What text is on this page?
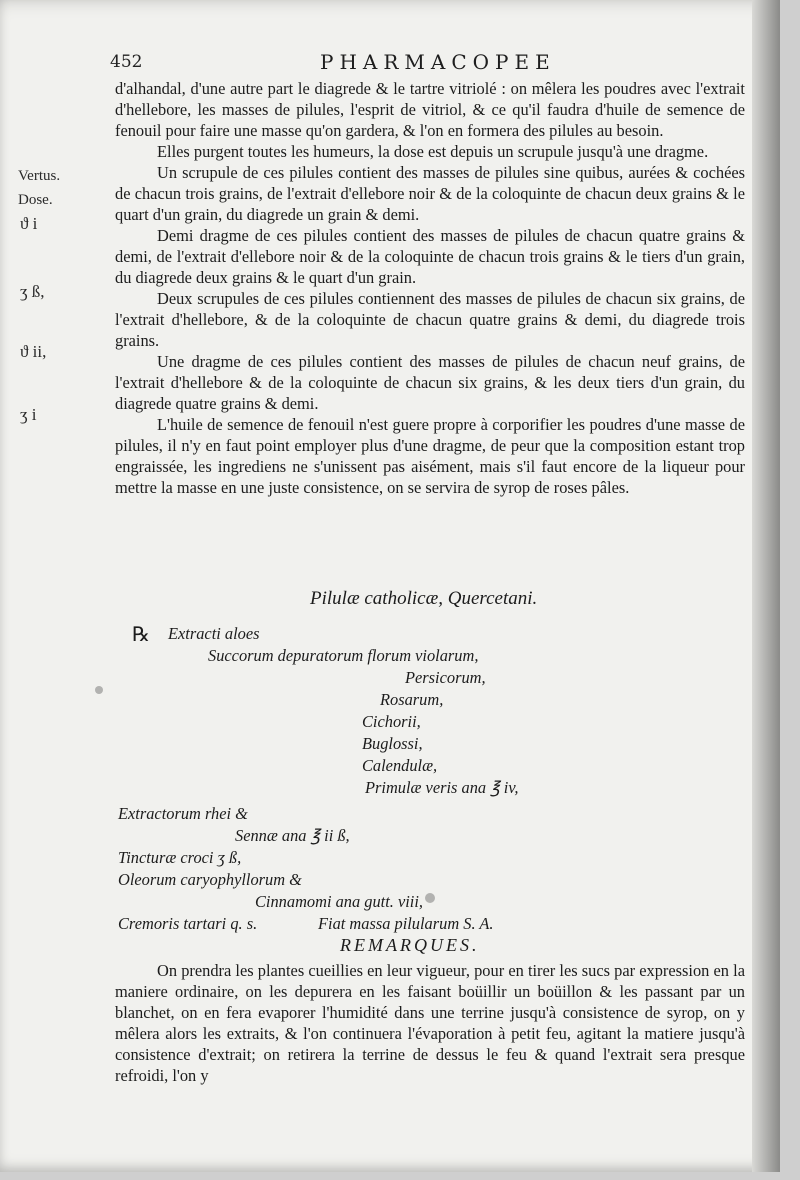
452	PHARMACOPEE
Vertus.
Dose.
ϑ i
ʒ ß,
ϑ ii,
ʒ i

d'alhandal, d'une autre part le diagrede & le tartre vitriolé : on mêlera les poudres avec l'extrait d'hellebore, les masses de pilules, l'esprit de vitriol, & ce qu'il faudra d'huile de semence de fenouil pour faire une masse qu'on gardera, & l'on en formera des pilules au besoin.

Elles purgent toutes les humeurs, la dose est depuis un scrupule jusqu'à une dragme.

Un scrupule de ces pilules contient des masses de pilules sine quibus, aurées & cochées de chacun trois grains, de l'extrait d'ellebore noir & de la coloquinte de chacun deux grains & le quart d'un grain, du diagrede un grain & demi.

Demi dragme de ces pilules contient des masses de pilules de chacun quatre grains & demi, de l'extrait d'ellebore noir & de la coloquinte de chacun trois grains & le tiers d'un grain, du diagrede deux grains & le quart d'un grain.

Deux scrupules de ces pilules contiennent des masses de pilules de chacun six grains, de l'extrait d'hellebore, & de la coloquinte de chacun quatre grains & demi, du diagrede trois grains.

Une dragme de ces pilules contient des masses de pilules de chacun neuf grains, de l'extrait d'hellebore & de la coloquinte de chacun six grains, & les deux tiers d'un grain, du diagrede quatre grains & demi.

L'huile de semence de fenouil n'est guere propre à corporifier les poudres d'une masse de pilules, il n'y en faut point employer plus d'une dragme, de peur que la composition estant trop engraissée, les ingrediens ne s'unissent pas aisément, mais s'il faut encore de la liqueur pour mettre la masse en une juste consistence, on se servira de syrop de roses pâles.

Pilulæ catholicæ, Quercetani.
℞ Extracti aloes
Succorum depuratorum florum violarum,
Persicorum,
Rosarum,
Cichorii,
Buglossi,
Calendulæ,
Primulæ veris ana ℥ iv,
Extractorum rhei &
Sennæ ana ℥ ii ß,
Tincturæ croci ʒ ß,
Oleorum caryophyllorum &
Cinnamomi ana gutt. viii,
Cremoris tartari q. s.	Fiat massa pilularum S. A.
REMARQUES.

On prendra les plantes cueillies en leur vigueur, pour en tirer les sucs par expression en la maniere ordinaire, on les depurera en les faisant boüillir un boüillon & les passant par un blanchet, on en fera evaporer l'humidité dans une terrine jusqu'à consistence de syrop, on y mêlera alors les extraits, & l'on continuera l'évaporation à petit feu, agitant la matiere jusqu'à consistence d'extrait; on retirera la terrine de dessus le feu & quand l'extrait sera presque refroidi, l'on y
